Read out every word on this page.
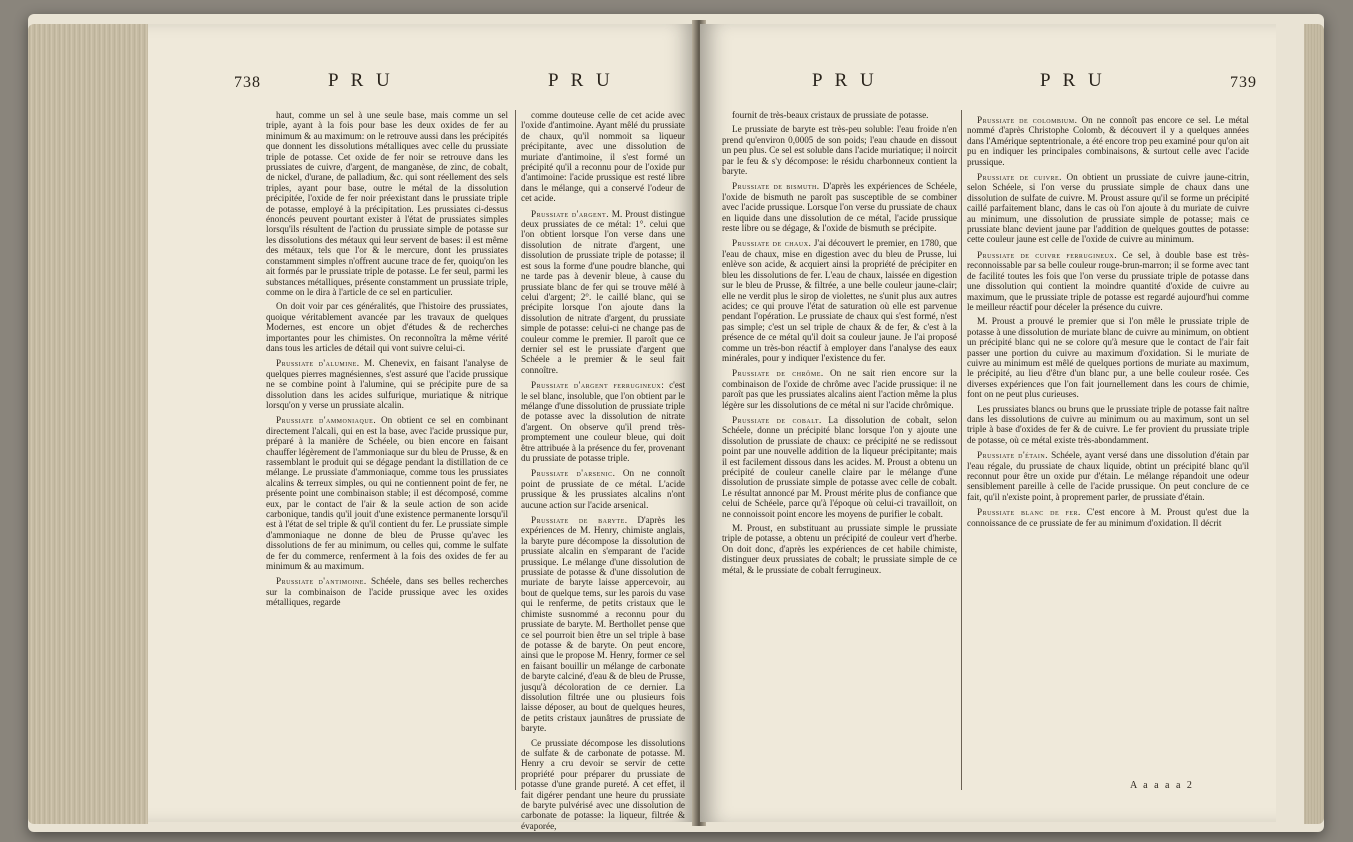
738	P R U	P R U

haut, comme un sel à une seule base, mais comme un sel triple, ayant à la fois pour base les deux oxides de fer au minimum & au maximum: on le retrouve aussi dans les précipités que donnent les dissolutions métalliques avec celle du prussiate triple de potasse. Cet oxide de fer noir se retrouve dans les prussiates de cuivre, d'argent, de manganèse, de zinc, de cobalt, de nickel, d'urane, de palladium, &c. qui sont réellement des sels triples, ayant pour base, outre le métal de la dissolution précipitée, l'oxide de fer noir préexistant dans le prussiate triple de potasse, employé à la précipitation. Les prussiates ci-dessus énoncés peuvent pourtant exister à l'état de prussiates simples lorsqu'ils résultent de l'action du prussiate simple de potasse sur les dissolutions des métaux qui leur servent de bases: il est même des métaux, tels que l'or & le mercure, dont les prussiates constamment simples n'offrent aucune trace de fer, quoiqu'on les ait formés par le prussiate triple de potasse. Le fer seul, parmi les substances métalliques, présente constamment un prussiate triple, comme on le dira à l'article de ce sel en particulier.

On doit voir par ces généralités, que l'histoire des prussiates, quoique véritablement avancée par les travaux de quelques Modernes, est encore un objet d'études & de recherches importantes pour les chimistes. On reconnoîtra la même vérité dans tous les articles de détail qui vont suivre celui-ci.

Prussiate d'alumine. M. Chenevix, en faisant l'analyse de quelques pierres magnésiennes, s'est assuré que l'acide prussique ne se combine point à l'alumine, qui se précipite pure de sa dissolution dans les acides sulfurique, muriatique & nitrique lorsqu'on y verse un prussiate alcalin.

Prussiate d'ammoniaque. On obtient ce sel en combinant directement l'alcali, qui en est la base, avec l'acide prussique pur, préparé à la manière de Schéele, ou bien encore en faisant chauffer légèrement de l'ammoniaque sur du bleu de Prusse, & en rassemblant le produit qui se dégage pendant la distillation de ce mélange. Le prussiate d'ammoniaque, comme tous les prussiates alcalins & terreux simples, ou qui ne contiennent point de fer, ne présente point une combinaison stable; il est décomposé, comme eux, par le contact de l'air & la seule action de son acide carbonique, tandis qu'il jouit d'une existence permanente lorsqu'il est à l'état de sel triple & qu'il contient du fer. Le prussiate simple d'ammoniaque ne donne de bleu de Prusse qu'avec les dissolutions de fer au minimum, ou celles qui, comme le sulfate de fer du commerce, renferment à la fois des oxides de fer au minimum & au maximum.

Prussiate d'antimoine. Schéele, dans ses belles recherches sur la combinaison de l'acide prussique avec les oxides métalliques, regarde

comme douteuse celle de cet acide avec l'oxide d'antimoine. Ayant mêlé du prussiate de chaux, qu'il nommoit sa liqueur précipitante, avec une dissolution de muriate d'antimoine, il s'est formé un précipité qu'il a reconnu pour de l'oxide pur d'antimoine: l'acide prussique est resté libre dans le mélange, qui a conservé l'odeur de cet acide.

Prussiate d'argent. M. Proust distingue deux prussiates de ce métal: 1°. celui que l'on obtient lorsque l'on verse dans une dissolution de nitrate d'argent, une dissolution de prussiate triple de potasse; il est sous la forme d'une poudre blanche, qui ne tarde pas à devenir bleue, à cause du prussiate blanc de fer qui se trouve mêlé à celui d'argent; 2°. le caillé blanc, qui se précipite lorsque l'on ajoute dans la dissolution de nitrate d'argent, du prussiate simple de potasse: celui-ci ne change pas de couleur comme le premier. Il paroît que ce dernier sel est le prussiate d'argent que Schéele a le premier & le seul fait connoître.

Prussiate d'argent ferrugineux: c'est le sel blanc, insoluble, que l'on obtient par le mélange d'une dissolution de prussiate triple de potasse avec la dissolution de nitrate d'argent. On observe qu'il prend très-promptement une couleur bleue, qui doit être attribuée à la présence du fer, provenant du prussiate de potasse triple.

Prussiate d'arsenic. On ne connoît point de prussiate de ce métal. L'acide prussique & les prussiates alcalins n'ont aucune action sur l'acide arsenical.

Prussiate de baryte. D'après les expériences de M. Henry, chimiste anglais, la baryte pure décompose la dissolution de prussiate alcalin en s'emparant de l'acide prussique. Le mélange d'une dissolution de prussiate de potasse & d'une dissolution de muriate de baryte laisse appercevoir, au bout de quelque tems, sur les parois du vase qui le renferme, de petits cristaux que le chimiste susnommé a reconnu pour du prussiate de baryte. M. Berthollet pense que ce sel pourroit bien être un sel triple à base de potasse & de baryte. On peut encore, ainsi que le propose M. Henry, former ce sel en faisant bouillir un mélange de carbonate de baryte calciné, d'eau & de bleu de Prusse, jusqu'à décoloration de ce dernier. La dissolution filtrée une ou plusieurs fois laisse déposer, au bout de quelques heures, de petits cristaux jaunâtres de prussiate de baryte.

Ce prussiate décompose les dissolutions de sulfate & de carbonate de potasse. M. Henry a cru devoir se servir de cette propriété pour préparer du prussiate de potasse d'une grande pureté. A cet effet, il fait digérer pendant une heure du prussiate de baryte pulvérisé avec une dissolution de carbonate de potasse: la liqueur, filtrée & évaporée,

P R U	P R U	739

fournit de très-beaux cristaux de prussiate de potasse.

Le prussiate de baryte est très-peu soluble: l'eau froide n'en prend qu'environ 0,0005 de son poids; l'eau chaude en dissout un peu plus. Ce sel est soluble dans l'acide muriatique; il noircit par le feu & s'y décompose: le résidu charbonneux contient la baryte.

Prussiate de bismuth. D'après les expériences de Schéele, l'oxide de bismuth ne paroît pas susceptible de se combiner avec l'acide prussique. Lorsque l'on verse du prussiate de chaux en liquide dans une dissolution de ce métal, l'acide prussique reste libre ou se dégage, & l'oxide de bismuth se précipite.

Prussiate de chaux. J'ai découvert le premier, en 1780, que l'eau de chaux, mise en digestion avec du bleu de Prusse, lui enlève son acide, & acquiert ainsi la propriété de précipiter en bleu les dissolutions de fer. L'eau de chaux, laissée en digestion sur le bleu de Prusse, & filtrée, a une belle couleur jaune-clair; elle ne verdit plus le sirop de violettes, ne s'unit plus aux autres acides; ce qui prouve l'état de saturation où elle est parvenue pendant l'opération. Le prussiate de chaux qui s'est formé, n'est pas simple; c'est un sel triple de chaux & de fer, & c'est à la présence de ce métal qu'il doit sa couleur jaune. Je l'ai proposé comme un très-bon réactif à employer dans l'analyse des eaux minérales, pour y indiquer l'existence du fer.

Prussiate de chrôme. On ne sait rien encore sur la combinaison de l'oxide de chrôme avec l'acide prussique: il ne paroît pas que les prussiates alcalins aient l'action même la plus légère sur les dissolutions de ce métal ni sur l'acide chrômique.

Prussiate de cobalt. La dissolution de cobalt, selon Schéele, donne un précipité blanc lorsque l'on y ajoute une dissolution de prussiate de chaux: ce précipité ne se redissout point par une nouvelle addition de la liqueur précipitante; mais il est facilement dissous dans les acides. M. Proust a obtenu un précipité de couleur canelle claire par le mélange d'une dissolution de prussiate simple de potasse avec celle de cobalt. Le résultat annoncé par M. Proust mérite plus de confiance que celui de Schéele, parce qu'à l'époque où celui-ci travailloit, on ne connoissoit point encore les moyens de purifier le cobalt.

M. Proust, en substituant au prussiate simple le prussiate triple de potasse, a obtenu un précipité de couleur vert d'herbe. On doit donc, d'après les expériences de cet habile chimiste, distinguer deux prussiates de cobalt; le prussiate simple de ce métal, & le prussiate de cobalt ferrugineux.

Prussiate de colombium. On ne connoît pas encore ce sel. Le métal nommé d'après Christophe Colomb, & découvert il y a quelques années dans l'Amérique septentrionale, a été encore trop peu examiné pour qu'on ait pu en indiquer les principales combinaisons, & surtout celle avec l'acide prussique.

Prussiate de cuivre. On obtient un prussiate de cuivre jaune-citrin, selon Schéele, si l'on verse du prussiate simple de chaux dans une dissolution de sulfate de cuivre. M. Proust assure qu'il se forme un précipité caillé parfaitement blanc, dans le cas où l'on ajoute à du muriate de cuivre au minimum, une dissolution de prussiate simple de potasse; mais ce prussiate blanc devient jaune par l'addition de quelques gouttes de potasse: cette couleur jaune est celle de l'oxide de cuivre au minimum.

Prussiate de cuivre ferrugineux. Ce sel, à double base est très-reconnoissable par sa belle couleur rouge-brun-marron; il se forme avec tant de facilité toutes les fois que l'on verse du prussiate triple de potasse dans une dissolution qui contient la moindre quantité d'oxide de cuivre au maximum, que le prussiate triple de potasse est regardé aujourd'hui comme le meilleur réactif pour déceler la présence du cuivre.

M. Proust a prouvé le premier que si l'on mêle le prussiate triple de potasse à une dissolution de muriate blanc de cuivre au minimum, on obtient un précipité blanc qui ne se colore qu'à mesure que le contact de l'air fait passer une portion du cuivre au maximum d'oxidation. Si le muriate de cuivre au minimum est mêlé de quelques portions de muriate au maximum, le précipité, au lieu d'être d'un blanc pur, a une belle couleur rosée. Ces diverses expériences que l'on fait journellement dans les cours de chimie, font on ne peut plus curieuses.

Les prussiates blancs ou bruns que le prussiate triple de potasse fait naître dans les dissolutions de cuivre au minimum ou au maximum, sont un sel triple à base d'oxides de fer & de cuivre. Le fer provient du prussiate triple de potasse, où ce métal existe très-abondamment.

Prussiate d'étain. Schéele, ayant versé dans une dissolution d'étain par l'eau régale, du prussiate de chaux liquide, obtint un précipité blanc qu'il reconnut pour être un oxide pur d'étain. Le mélange répandoit une odeur sensiblement pareille à celle de l'acide prussique. On peut conclure de ce fait, qu'il n'existe point, à proprement parler, de prussiate d'étain.

Prussiate blanc de fer. C'est encore à M. Proust qu'est due la connoissance de ce prussiate de fer au minimum d'oxidation. Il décrit

A a a a a 2
